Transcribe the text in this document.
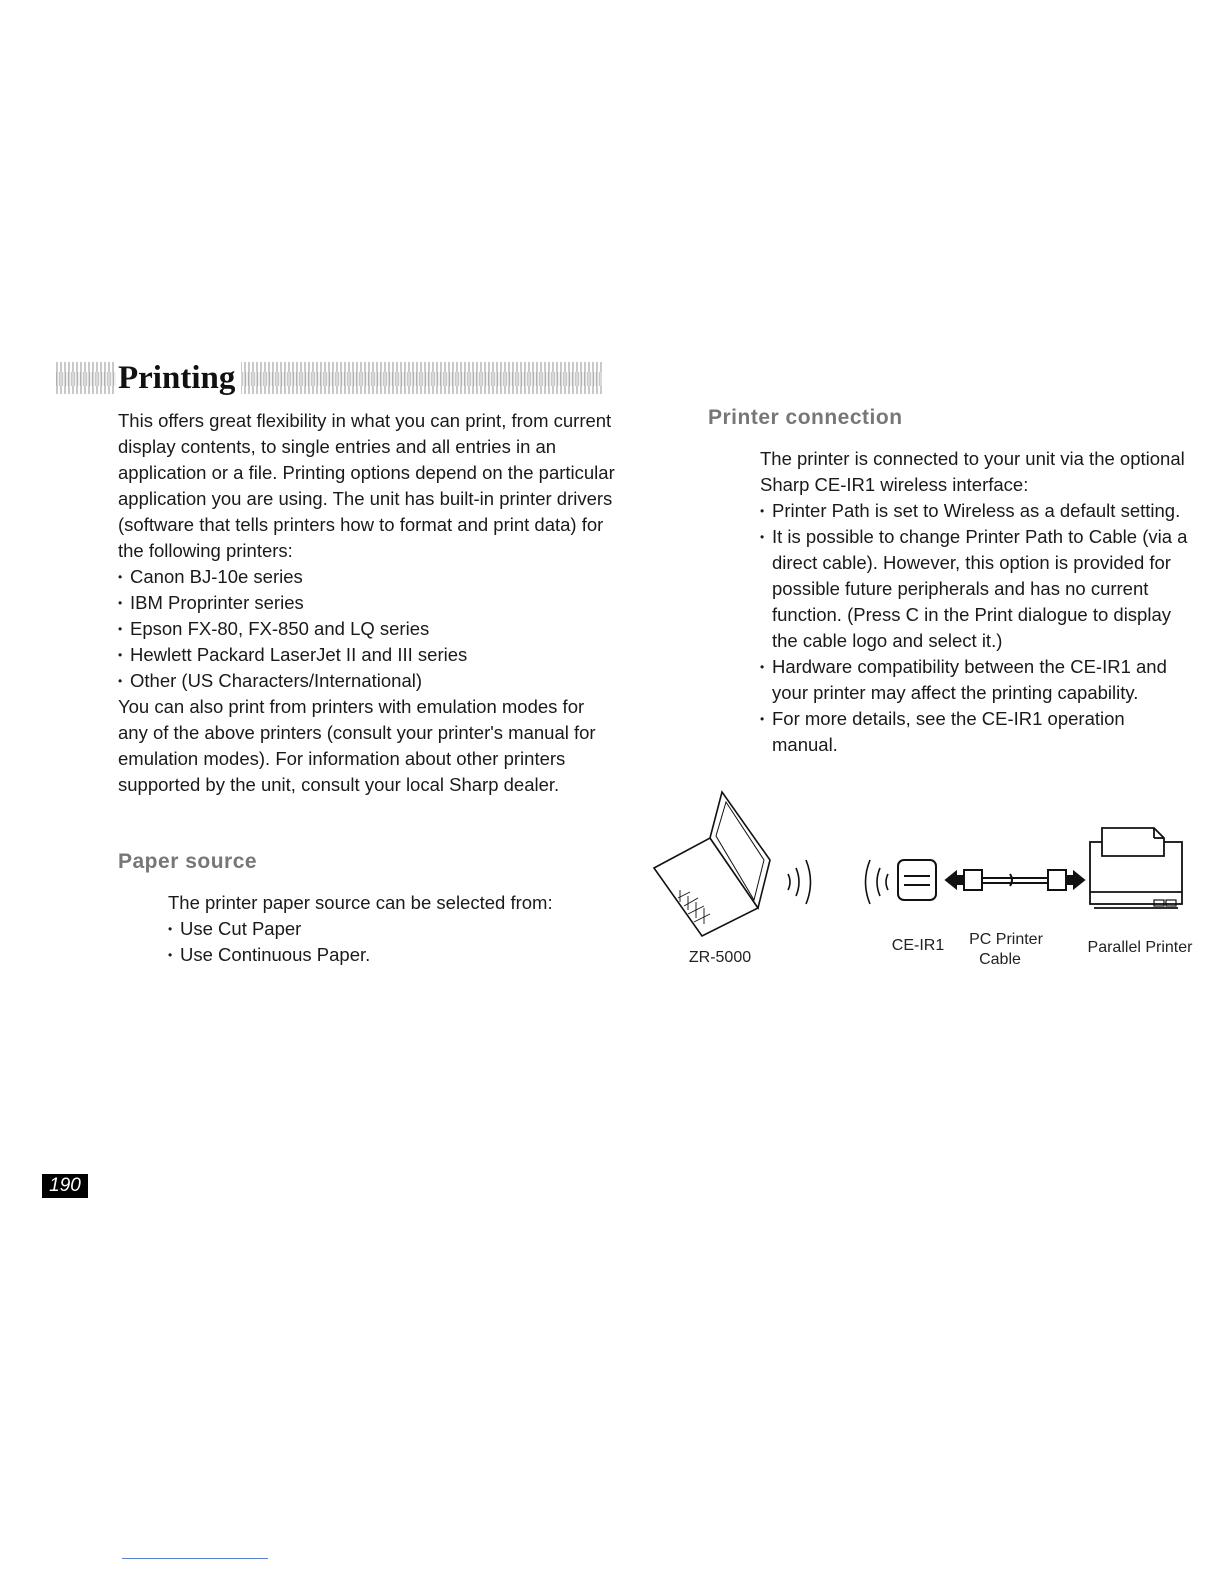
Printing

This offers great flexibility in what you can print, from current display contents, to single entries and all entries in an application or a file. Printing options depend on the particular application you are using. The unit has built-in printer drivers (software that tells printers how to format and print data) for the following printers:

• Canon BJ-10e series
• IBM Proprinter series
• Epson FX-80, FX-850 and LQ series
• Hewlett Packard LaserJet II and III series
• Other (US Characters/International)

You can also print from printers with emulation modes for any of the above printers (consult your printer's manual for emulation modes). For information about other printers supported by the unit, consult your local Sharp dealer.

Paper source

The printer paper source can be selected from:

• Use Cut Paper
• Use Continuous Paper.
Printer connection

The printer is connected to your unit via the optional Sharp CE-IR1 wireless interface:

• Printer Path is set to Wireless as a default setting.
• It is possible to change Printer Path to Cable (via a direct cable). However, this option is provided for possible future peripherals and has no current function. (Press C in the Print dialogue to display the cable logo and select it.)
• Hardware compatibility between the CE-IR1 and your printer may affect the printing capability.
• For more details, see the CE-IR1 operation manual.
ZR-5000
CE-IR1	PC Printer
Cable
Parallel Printer
190
